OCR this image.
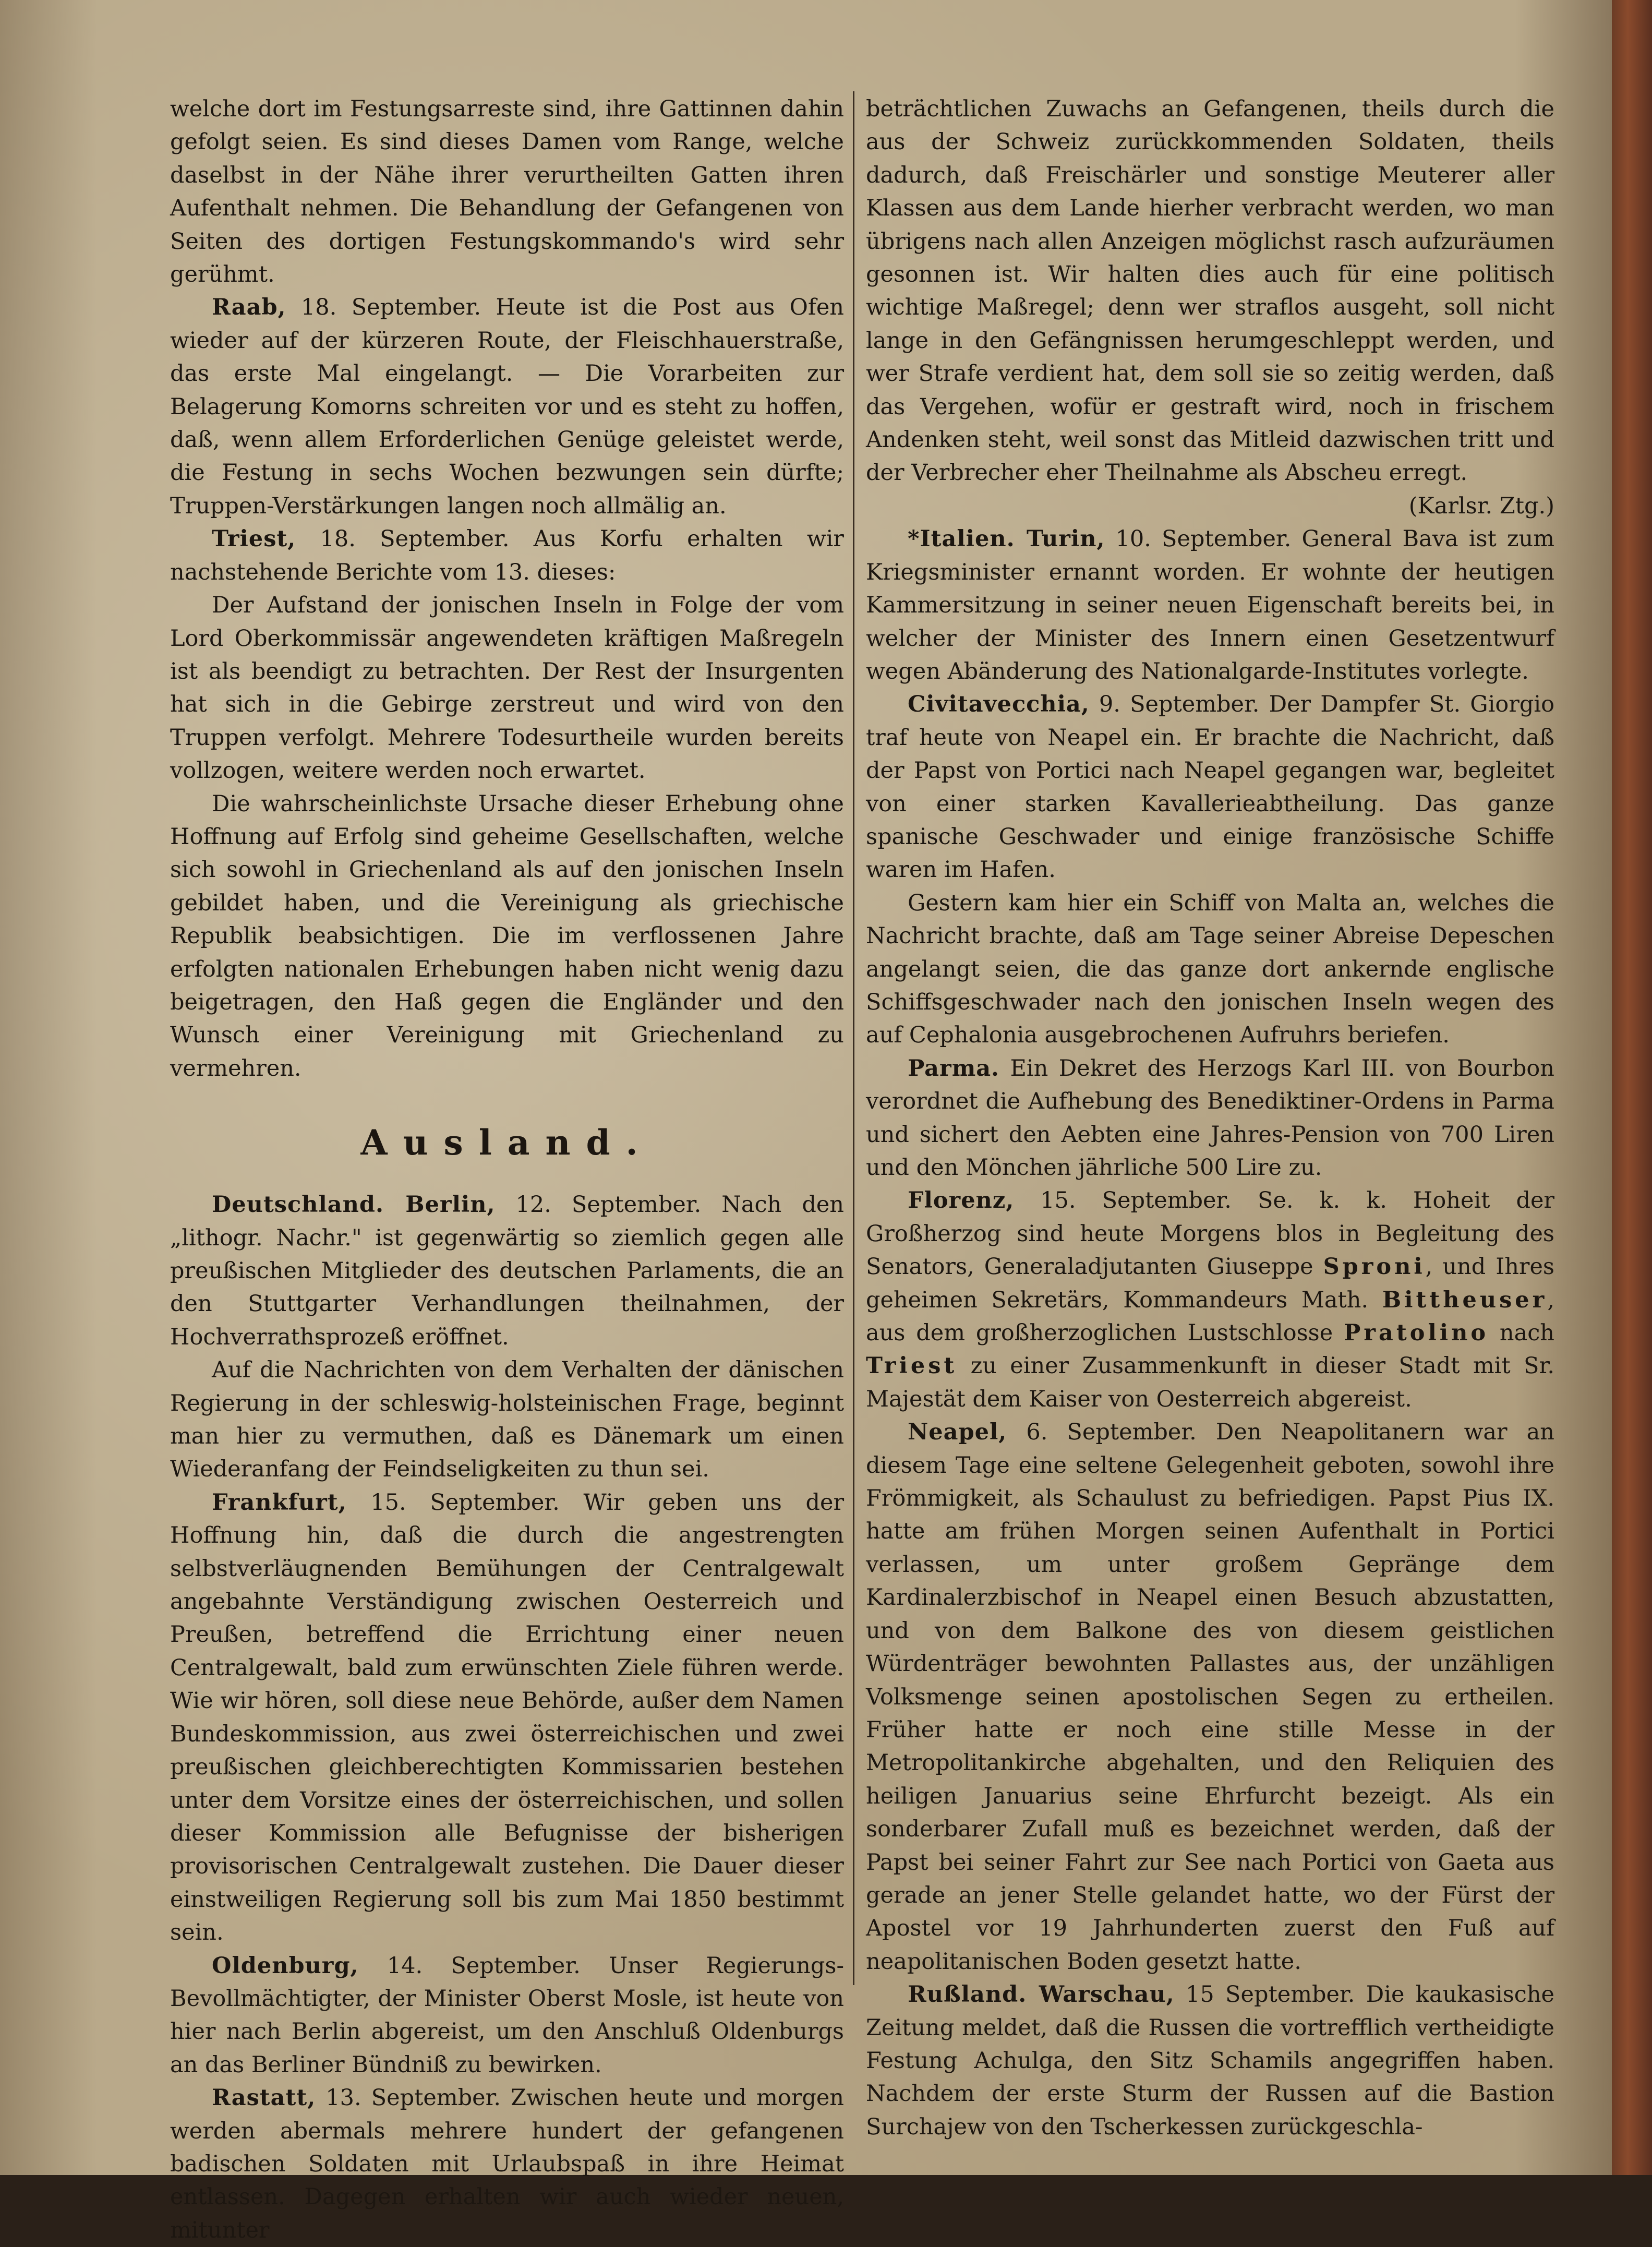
welche dort im Festungsarreste sind, ihre Gattinnen dahin gefolgt seien. Es sind dieses Damen vom Range, welche daselbst in der Nähe ihrer verurtheilten Gatten ihren Aufenthalt nehmen. Die Behandlung der Gefangenen von Seiten des dortigen Festungskommando's wird sehr gerühmt.

Raab, 18. September. Heute ist die Post aus Ofen wieder auf der kürzeren Route, der Fleischhauerstraße, das erste Mal eingelangt. — Die Vorarbeiten zur Belagerung Komorns schreiten vor und es steht zu hoffen, daß, wenn allem Erforderlichen Genüge geleistet werde, die Festung in sechs Wochen bezwungen sein dürfte; Truppen-Verstärkungen langen noch allmälig an.

Triest, 18. September. Aus Korfu erhalten wir nachstehende Berichte vom 13. dieses:

Der Aufstand der jonischen Inseln in Folge der vom Lord Oberkommissär angewendeten kräftigen Maßregeln ist als beendigt zu betrachten. Der Rest der Insurgenten hat sich in die Gebirge zerstreut und wird von den Truppen verfolgt. Mehrere Todesurtheile wurden bereits vollzogen, weitere werden noch erwartet.

Die wahrscheinlichste Ursache dieser Erhebung ohne Hoffnung auf Erfolg sind geheime Gesellschaften, welche sich sowohl in Griechenland als auf den jonischen Inseln gebildet haben, und die Vereinigung als griechische Republik beabsichtigen. Die im verflossenen Jahre erfolgten nationalen Erhebungen haben nicht wenig dazu beigetragen, den Haß gegen die Engländer und den Wunsch einer Vereinigung mit Griechenland zu vermehren.

Ausland.

Deutschland. Berlin, 12. September. Nach den „lithogr. Nachr." ist gegenwärtig so ziemlich gegen alle preußischen Mitglieder des deutschen Parlaments, die an den Stuttgarter Verhandlungen theilnahmen, der Hochverrathsprozeß eröffnet.

Auf die Nachrichten von dem Verhalten der dänischen Regierung in der schleswig-holsteinischen Frage, beginnt man hier zu vermuthen, daß es Dänemark um einen Wiederanfang der Feindseligkeiten zu thun sei.

Frankfurt, 15. September. Wir geben uns der Hoffnung hin, daß die durch die angestrengten selbstverläugnenden Bemühungen der Centralgewalt angebahnte Verständigung zwischen Oesterreich und Preußen, betreffend die Errichtung einer neuen Centralgewalt, bald zum erwünschten Ziele führen werde. Wie wir hören, soll diese neue Behörde, außer dem Namen Bundeskommission, aus zwei österreichischen und zwei preußischen gleichberechtigten Kommissarien bestehen unter dem Vorsitze eines der österreichischen, und sollen dieser Kommission alle Befugnisse der bisherigen provisorischen Centralgewalt zustehen. Die Dauer dieser einstweiligen Regierung soll bis zum Mai 1850 bestimmt sein.

Oldenburg, 14. September. Unser Regierungs-Bevollmächtigter, der Minister Oberst Mosle, ist heute von hier nach Berlin abgereist, um den Anschluß Oldenburgs an das Berliner Bündniß zu bewirken.

Rastatt, 13. September. Zwischen heute und morgen werden abermals mehrere hundert der gefangenen badischen Soldaten mit Urlaubspaß in ihre Heimat entlassen. Dagegen erhalten wir auch wieder neuen, mitunter

beträchtlichen Zuwachs an Gefangenen, theils durch die aus der Schweiz zurückkommenden Soldaten, theils dadurch, daß Freischärler und sonstige Meuterer aller Klassen aus dem Lande hierher verbracht werden, wo man übrigens nach allen Anzeigen möglichst rasch aufzuräumen gesonnen ist. Wir halten dies auch für eine politisch wichtige Maßregel; denn wer straflos ausgeht, soll nicht lange in den Gefängnissen herumgeschleppt werden, und wer Strafe verdient hat, dem soll sie so zeitig werden, daß das Vergehen, wofür er gestraft wird, noch in frischem Andenken steht, weil sonst das Mitleid dazwischen tritt und der Verbrecher eher Theilnahme als Abscheu erregt.

(Karlsr. Ztg.)

*Italien. Turin, 10. September. General Bava ist zum Kriegsminister ernannt worden. Er wohnte der heutigen Kammersitzung in seiner neuen Eigenschaft bereits bei, in welcher der Minister des Innern einen Gesetzentwurf wegen Abänderung des Nationalgarde-Institutes vorlegte.

Civitavecchia, 9. September. Der Dampfer St. Giorgio traf heute von Neapel ein. Er brachte die Nachricht, daß der Papst von Portici nach Neapel gegangen war, begleitet von einer starken Kavallerieabtheilung. Das ganze spanische Geschwader und einige französische Schiffe waren im Hafen.

Gestern kam hier ein Schiff von Malta an, welches die Nachricht brachte, daß am Tage seiner Abreise Depeschen angelangt seien, die das ganze dort ankernde englische Schiffsgeschwader nach den jonischen Inseln wegen des auf Cephalonia ausgebrochenen Aufruhrs beriefen.

Parma. Ein Dekret des Herzogs Karl III. von Bourbon verordnet die Aufhebung des Benediktiner-Ordens in Parma und sichert den Aebten eine Jahres-Pension von 700 Liren und den Mönchen jährliche 500 Lire zu.

Florenz, 15. September. Se. k. k. Hoheit der Großherzog sind heute Morgens blos in Begleitung des Senators, Generaladjutanten Giuseppe Sproni, und Ihres geheimen Sekretärs, Kommandeurs Math. Bittheuser, aus dem großherzoglichen Lustschlosse Pratolino nach Triest zu einer Zusammenkunft in dieser Stadt mit Sr. Majestät dem Kaiser von Oesterreich abgereist.

Neapel, 6. September. Den Neapolitanern war an diesem Tage eine seltene Gelegenheit geboten, sowohl ihre Frömmigkeit, als Schaulust zu befriedigen. Papst Pius IX. hatte am frühen Morgen seinen Aufenthalt in Portici verlassen, um unter großem Gepränge dem Kardinalerzbischof in Neapel einen Besuch abzustatten, und von dem Balkone des von diesem geistlichen Würdenträger bewohnten Pallastes aus, der unzähligen Volksmenge seinen apostolischen Segen zu ertheilen. Früher hatte er noch eine stille Messe in der Metropolitankirche abgehalten, und den Reliquien des heiligen Januarius seine Ehrfurcht bezeigt. Als ein sonderbarer Zufall muß es bezeichnet werden, daß der Papst bei seiner Fahrt zur See nach Portici von Gaeta aus gerade an jener Stelle gelandet hatte, wo der Fürst der Apostel vor 19 Jahrhunderten zuerst den Fuß auf neapolitanischen Boden gesetzt hatte.

Rußland. Warschau, 15 September. Die kaukasische Zeitung meldet, daß die Russen die vortrefflich vertheidigte Festung Achulga, den Sitz Schamils angegriffen haben. Nachdem der erste Sturm der Russen auf die Bastion Surchajew von den Tscherkessen zurückgeschla-
